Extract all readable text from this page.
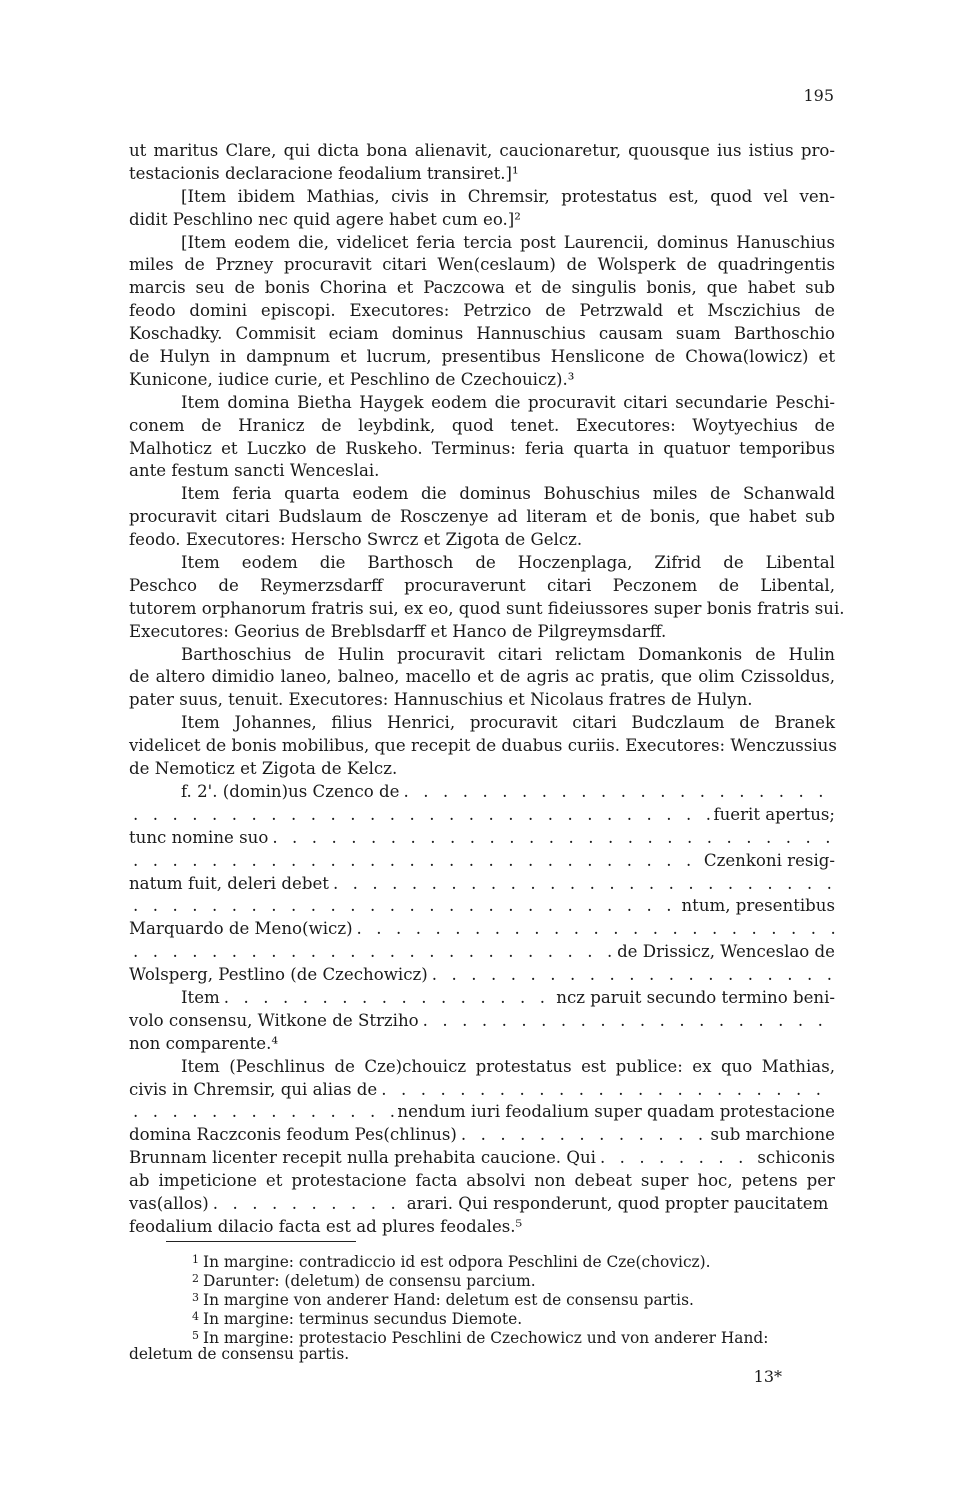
195
ut maritus Clare, qui dicta bona alienavit, caucionaretur, quousque ius istius pro-
testacionis declaracione feodalium transiret.]¹
[Item ibidem Mathias, civis in Chremsir, protestatus est, quod vel ven-
didit Peschlino nec quid agere habet cum eo.]²
[Item eodem die, videlicet feria tercia post Laurencii, dominus Hanuschius
miles de Przney procuravit citari Wen(ceslaum) de Wolsperk de quadringentis
marcis seu de bonis Chorina et Paczcowa et de singulis bonis, que habet sub
feodo domini episcopi. Executores: Petrzico de Petrzwald et Msczichius de
Koschadky. Commisit eciam dominus Hannuschius causam suam Barthoschio
de Hulyn in dampnum et lucrum, presentibus Henslicone de Chowa(lowicz) et
Kunicone, iudice curie, et Peschlino de Czechouicz).³
Item domina Bietha Haygek eodem die procuravit citari secundarie Peschi-
conem de Hranicz de leybdink, quod tenet. Executores: Woytyechius de
Malhoticz et Luczko de Ruskeho. Terminus: feria quarta in quatuor temporibus
ante festum sancti Wenceslai.
Item feria quarta eodem die dominus Bohuschius miles de Schanwald
procuravit citari Budslaum de Rosczenye ad literam et de bonis, que habet sub
feodo. Executores: Herscho Swrcz et Zigota de Gelcz.
Item eodem die Barthosch de Hoczenplaga, Zifrid de Libental
Peschco de Reymerzsdarff procuraverunt citari Peczonem de Libental,
tutorem orphanorum fratris sui, ex eo, quod sunt fideiussores super bonis fratris sui.
Executores: Georius de Breblsdarff et Hanco de Pilgreymsdarff.
Barthoschius de Hulin procuravit citari relictam Domankonis de Hulin
de altero dimidio laneo, balneo, macello et de agris ac pratis, que olim Czissoldus,
pater suus, tenuit. Executores: Hannuschius et Nicolaus fratres de Hulyn.
Item Johannes, filius Henrici, procuravit citari Budczlaum de Branek
videlicet de bonis mobilibus, que recepit de duabus curiis. Executores: Wenczussius
de Nemoticz et Zigota de Kelcz.
f. 2'. (domin)us Czenco de
. . .
. . .
fuerit apertus;
tunc nomine suo
. . .
. . .
Czenkoni resig-
natum fuit, deleri debet
. . .
. . .
ntum, presentibus
Marquardo de Meno(wicz)
. . .
. . .
de Drissicz, Wenceslao de
Wolsperg, Pestlino (de Czechowicz)
. . .
Item . . .	ncz paruit secundo termino beni-
volo consensu, Witkone de Strziho
. . .
non comparente.⁴
Item (Peschlinus de Cze)chouicz protestatus est publice: ex quo Mathias,
civis in Chremsir, qui alias de
. . .
. . .
nendum iuri feodalium super quadam protestacione
domina Raczconis feodum Pes(chlinus) . . .	sub marchione
Brunnam licenter recepit nulla prehabita caucione. Qui . . .	schiconis
ab impeticione et protestacione facta absolvi non debeat super hoc, petens per
vas(allos) . . .	arari. Qui responderunt, quod propter paucitatem
feodalium dilacio facta est ad plures feodales.⁵
1 In margine: contradiccio id est odpora Peschlini de Cze(chovicz).
2 Darunter: (deletum) de consensu parcium.
3 In margine von anderer Hand: deletum est de consensu partis.
4 In margine: terminus secundus Diemote.
5 In margine: protestacio Peschlini de Czechowicz und von anderer Hand:
deletum de consensu partis.
13*
